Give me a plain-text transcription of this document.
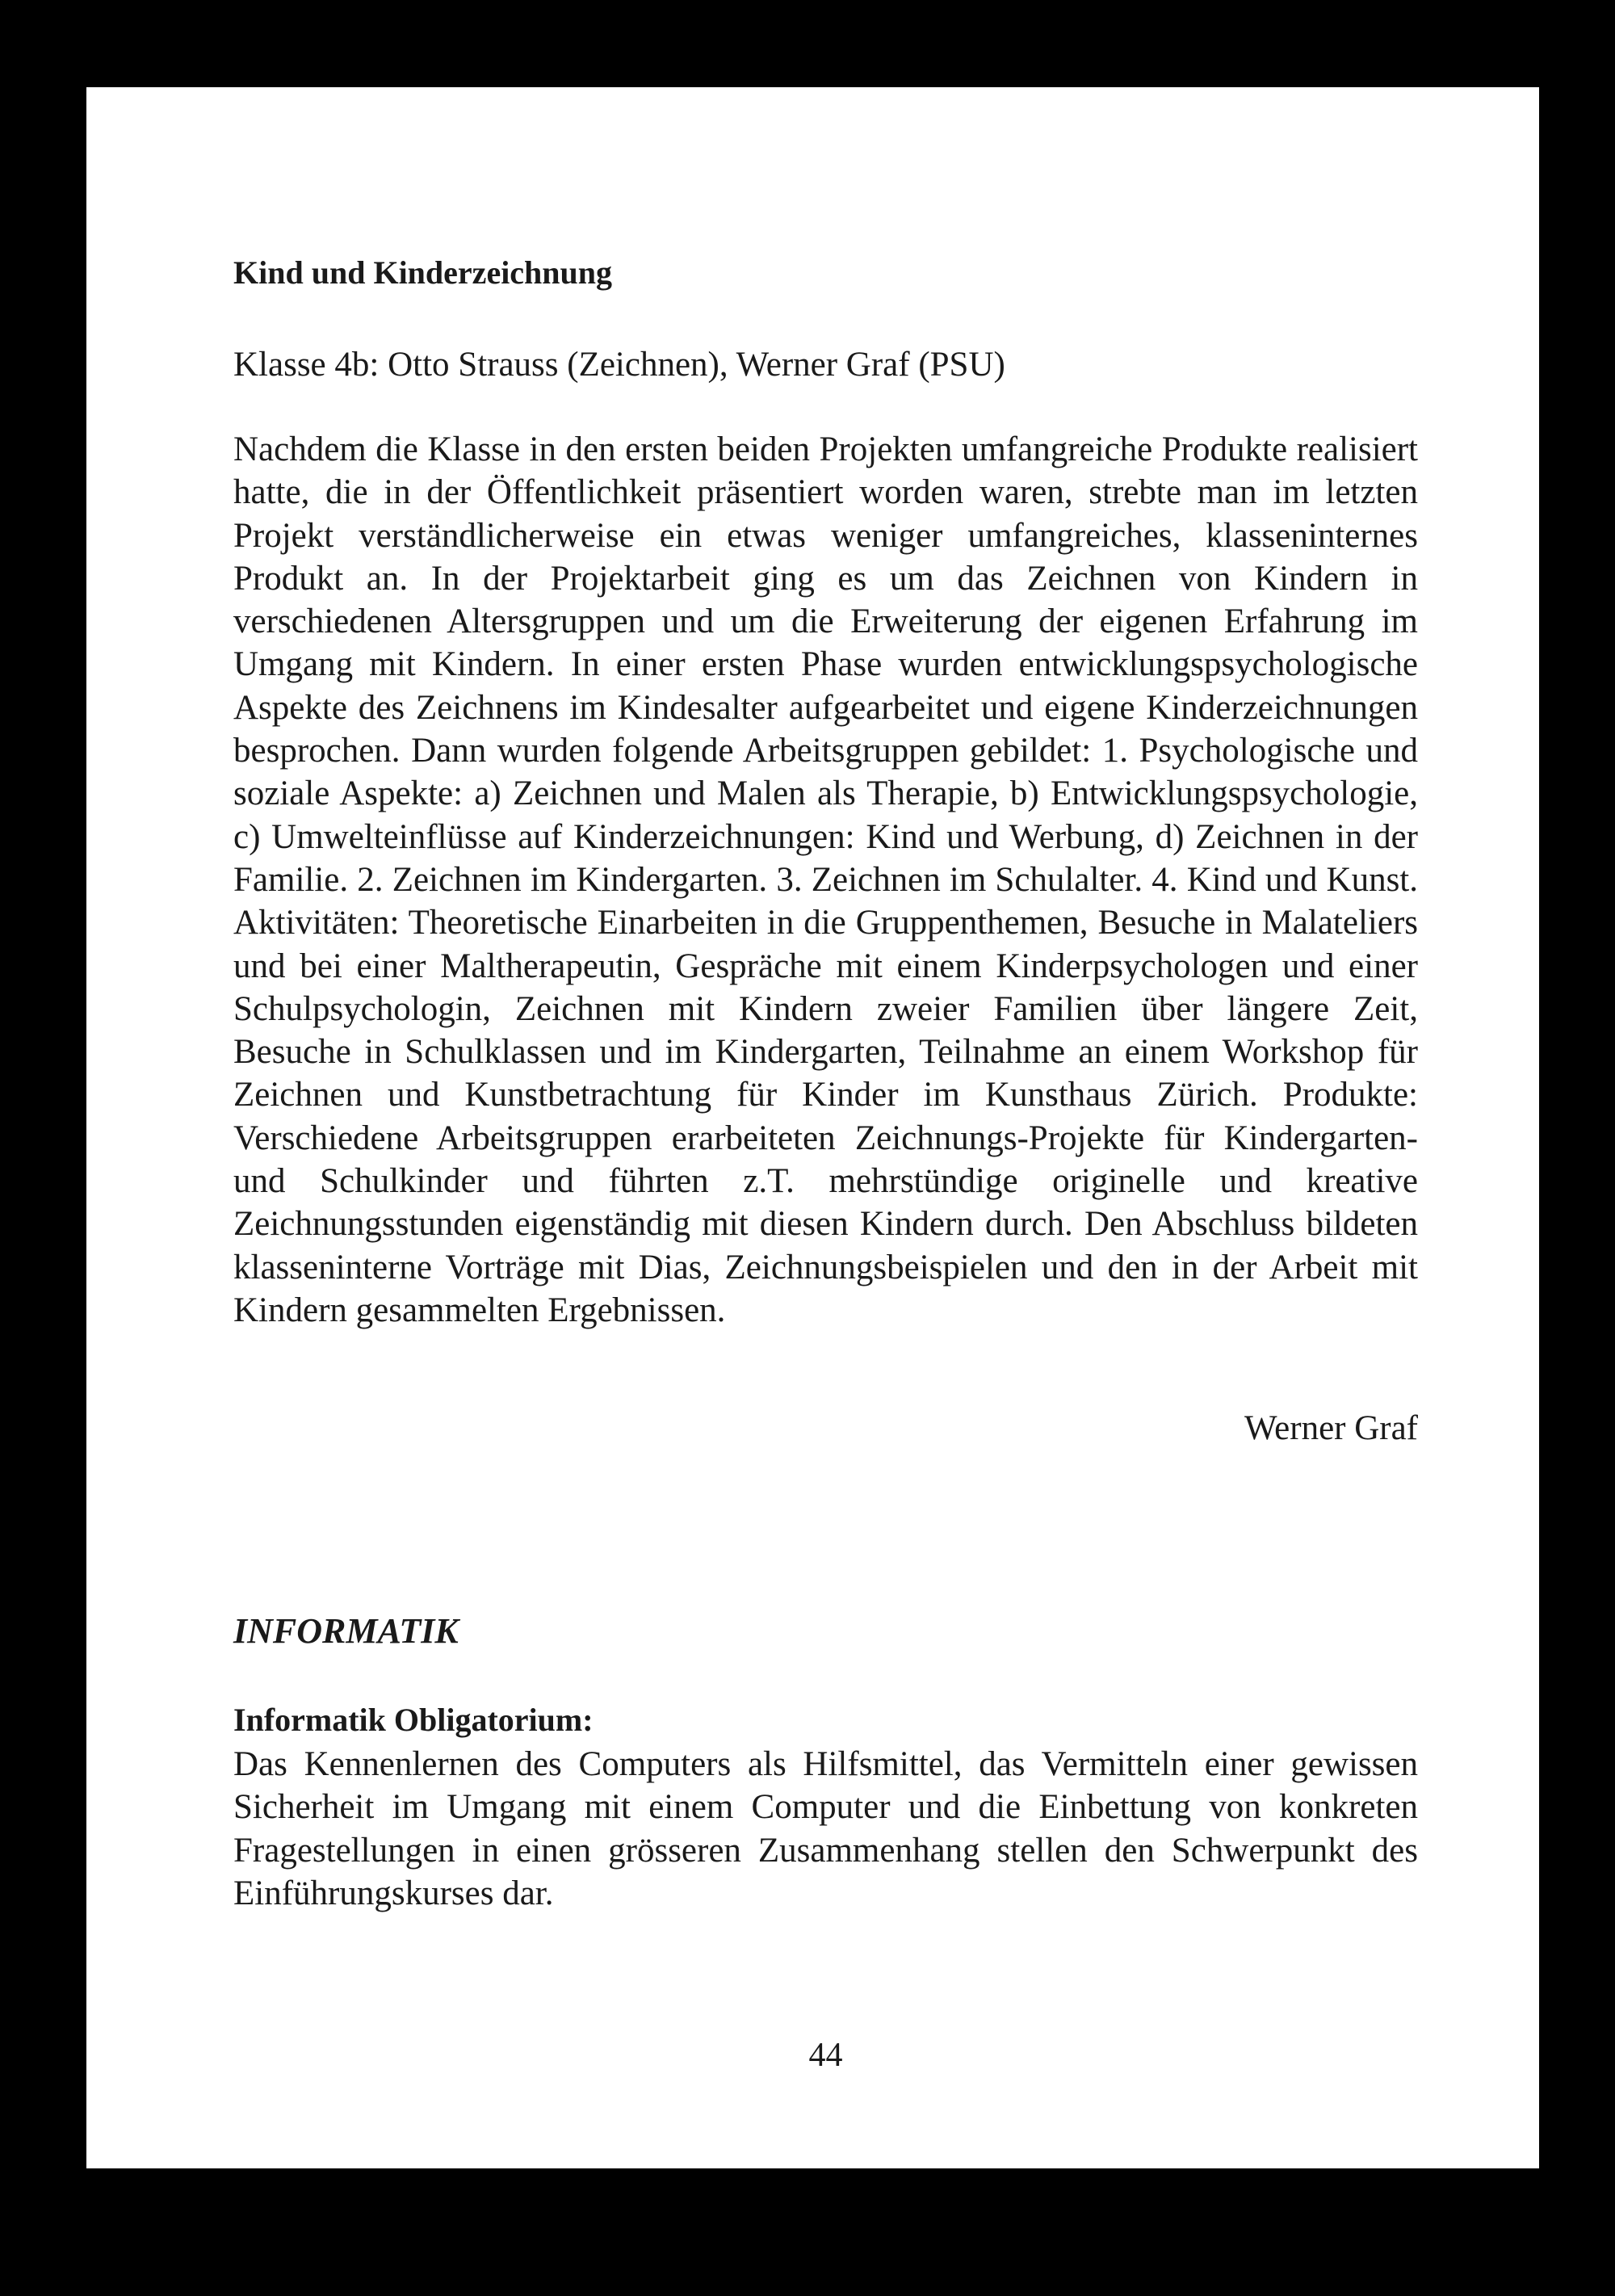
Kind und Kinderzeichnung
Klasse 4b: Otto Strauss (Zeichnen), Werner Graf (PSU)
Nachdem die Klasse in den ersten beiden Projekten umfangreiche Produkte realisiert hatte, die in der Öffentlichkeit präsentiert worden waren, strebte man im letzten Projekt verständlicherweise ein etwas weniger umfangreiches, klasseninternes Produkt an. In der Projektarbeit ging es um das Zeichnen von Kindern in verschiedenen Altersgruppen und um die Erweiterung der eigenen Erfahrung im Umgang mit Kindern. In einer ersten Phase wurden entwicklungspsychologische Aspekte des Zeichnens im Kindesalter aufgearbeitet und eigene Kinderzeichnungen besprochen. Dann wurden folgende Arbeitsgruppen gebildet: 1. Psychologische und soziale Aspekte: a) Zeichnen und Malen als Therapie, b) Entwicklungspsychologie, c) Umwelteinflüsse auf Kinderzeichnungen: Kind und Werbung, d) Zeichnen in der Familie. 2. Zeichnen im Kindergarten. 3. Zeichnen im Schulalter. 4. Kind und Kunst. Aktivitäten: Theoretische Einarbeiten in die Gruppenthemen, Besuche in Malateliers und bei einer Maltherapeutin, Gespräche mit einem Kinderpsychologen und einer Schulpsychologin, Zeichnen mit Kindern zweier Familien über längere Zeit, Besuche in Schulklassen und im Kindergarten, Teilnahme an einem Workshop für Zeichnen und Kunstbetrachtung für Kinder im Kunsthaus Zürich. Produkte: Verschiedene Arbeitsgruppen erarbeiteten Zeichnungs-Projekte für Kindergarten- und Schulkinder und führten z.T. mehrstündige originelle und kreative Zeichnungsstunden eigenständig mit diesen Kindern durch. Den Abschluss bildeten klasseninterne Vorträge mit Dias, Zeichnungsbeispielen und den in der Arbeit mit Kindern gesammelten Ergebnissen.
Werner Graf
INFORMATIK
Informatik Obligatorium:
Das Kennenlernen des Computers als Hilfsmittel, das Vermitteln einer gewissen Sicherheit im Umgang mit einem Computer und die Einbettung von konkreten Fragestellungen in einen grösseren Zusammenhang stellen den Schwerpunkt des Einführungskurses dar.
44
